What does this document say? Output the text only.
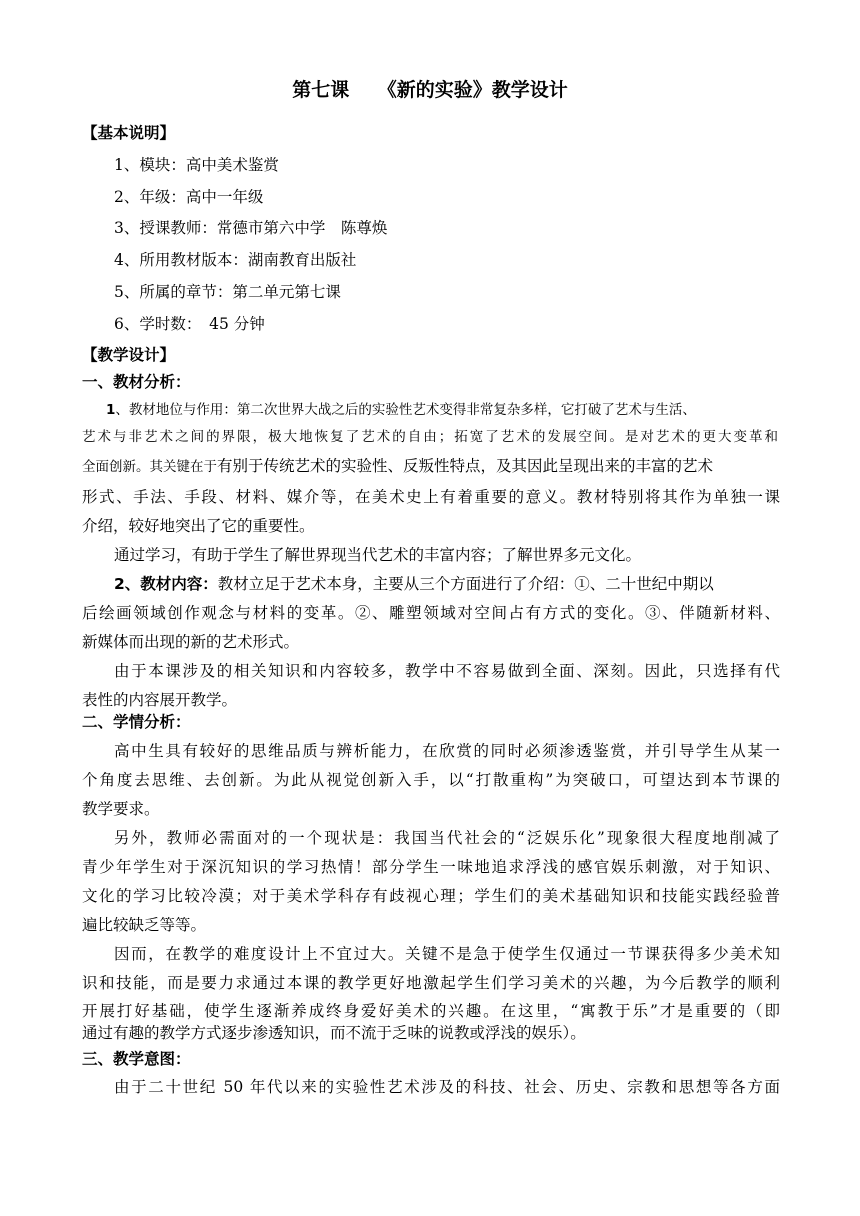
第七课　　《新的实验》教学设计
【基本说明】
1、模块：高中美术鉴赏
2、年级：高中一年级
3、授课教师：常德市第六中学　陈尊焕
4、所用教材版本：湖南教育出版社
5、所属的章节：第二单元第七课
6、学时数：　45 分钟
【教学设计】
一、教材分析：
1、教材地位与作用：第二次世界大战之后的实验性艺术变得非常复杂多样，它打破了艺术与生活、
艺术与非艺术之间的界限，极大地恢复了艺术的自由；拓宽了艺术的发展空间。是对艺术的更大变革和
全面创新。其关键在于有别于传统艺术的实验性、反叛性特点，及其因此呈现出来的丰富的艺术
形式、手法、手段、材料、媒介等，在美术史上有着重要的意义。教材特别将其作为单独一课
介绍，较好地突出了它的重要性。
通过学习，有助于学生了解世界现当代艺术的丰富内容；了解世界多元文化。
2、教材内容：教材立足于艺术本身，主要从三个方面进行了介绍：①、二十世纪中期以
后绘画领域创作观念与材料的变革。②、雕塑领域对空间占有方式的变化。③、伴随新材料、
新媒体而出现的新的艺术形式。
由于本课涉及的相关知识和内容较多，教学中不容易做到全面、深刻。因此，只选择有代
表性的内容展开教学。
二、学情分析：
高中生具有较好的思维品质与辨析能力，在欣赏的同时必须渗透鉴赏，并引导学生从某一
个角度去思维、去创新。为此从视觉创新入手，以“打散重构”为突破口，可望达到本节课的
教学要求。
另外，教师必需面对的一个现状是：我国当代社会的“泛娱乐化”现象很大程度地削减了
青少年学生对于深沉知识的学习热情！部分学生一味地追求浮浅的感官娱乐刺激，对于知识、
文化的学习比较冷漠；对于美术学科存有歧视心理；学生们的美术基础知识和技能实践经验普
遍比较缺乏等等。
因而，在教学的难度设计上不宜过大。关键不是急于使学生仅通过一节课获得多少美术知
识和技能，而是要力求通过本课的教学更好地激起学生们学习美术的兴趣，为今后教学的顺利
开展打好基础，使学生逐渐养成终身爱好美术的兴趣。在这里，“寓教于乐”才是重要的（即
通过有趣的教学方式逐步渗透知识，而不流于乏味的说教或浮浅的娱乐）。
三、教学意图：
由于二十世纪 50 年代以来的实验性艺术涉及的科技、社会、历史、宗教和思想等各方面
